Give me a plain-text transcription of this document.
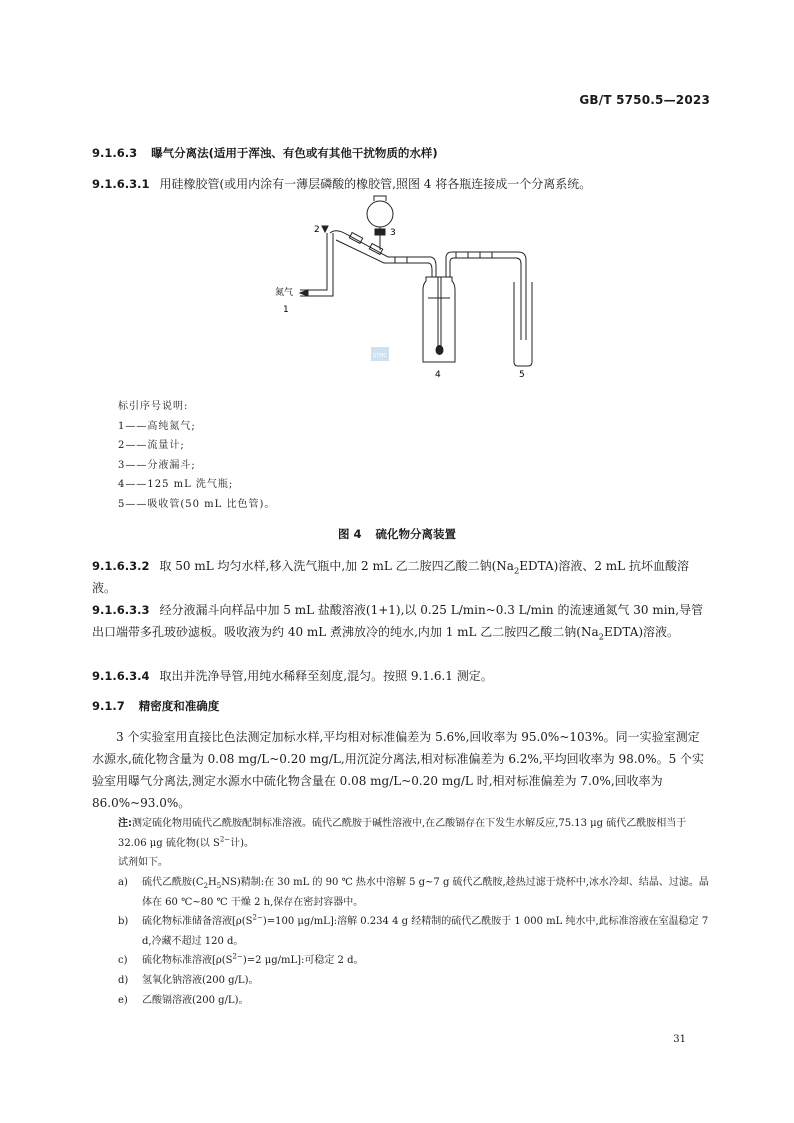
GB/T 5750.5—2023
9.1.6.3 曝气分离法(适用于浑浊、有色或有其他干扰物质的水样)
9.1.6.3.1 用硅橡胶管(或用内涂有一薄层磷酸的橡胶管,照图 4 将各瓶连接成一个分离系统。
2	3
氮气
1
4	5
STMC
标引序号说明:
1——高纯氮气;
2——流量计;
3——分液漏斗;
4——125 mL 洗气瓶;
5——吸收管(50 mL 比色管)。
图 4 硫化物分离装置
9.1.6.3.2 取 50 mL 均匀水样,移入洗气瓶中,加 2 mL 乙二胺四乙酸二钠$(Na_2EDTA)$溶液、2 mL 抗坏血酸溶液。
9.1.6.3.3 经分液漏斗向样品中加 5 mL 盐酸溶液(1+1),以 0.25 L/min~0.3 L/min 的流速通氮气 30 min,导管出口端带多孔玻砂滤板。吸收液为约 40 mL 煮沸放冷的纯水,内加 1 mL 乙二胺四乙酸二钠$(Na_2EDTA)$溶液。
9.1.6.3.4 取出并洗净导管,用纯水稀释至刻度,混匀。按照 9.1.6.1 测定。
9.1.7 精密度和准确度
3 个实验室用直接比色法测定加标水样,平均相对标准偏差为 5.6%,回收率为 95.0%~103%。同一实验室测定水源水,硫化物含量为 0.08 mg/L~0.20 mg/L,用沉淀分离法,相对标准偏差为 6.2%,平均回收率为 98.0%。5 个实验室用曝气分离法,测定水源水中硫化物含量在 0.08 mg/L~0.20 mg/L 时,相对标准偏差为 7.0%,回收率为 86.0%~93.0%。
注:测定硫化物用硫代乙酰胺配制标准溶液。硫代乙酰胺于碱性溶液中,在乙酸镉存在下发生水解反应,75.13 μg 硫代乙酰胺相当于 32.06 μg 硫化物(以 $S^{2-}$计)。
试剂如下。
a)	硫代乙酰胺$(C_2H_5NS)$精制:在 30 mL 的 90 ℃ 热水中溶解 5 g~7 g 硫代乙酰胺,趁热过滤于烧杯中,冰水冷却、结晶、过滤。晶体在 60 ℃~80 ℃ 干燥 2 h,保存在密封容器中。
b)	硫化物标准储备溶液[$\rho(S^{2-})=100$ μg/mL]:溶解 0.234 4 g 经精制的硫代乙酰胺于 1 000 mL 纯水中,此标准溶液在室温稳定 7 d,冷藏不超过 120 d。
c)	硫化物标准溶液[$\rho(S^{2-})=2$ μg/mL]:可稳定 2 d。
d)	氢氧化钠溶液(200 g/L)。
e)	乙酸镉溶液(200 g/L)。
31
